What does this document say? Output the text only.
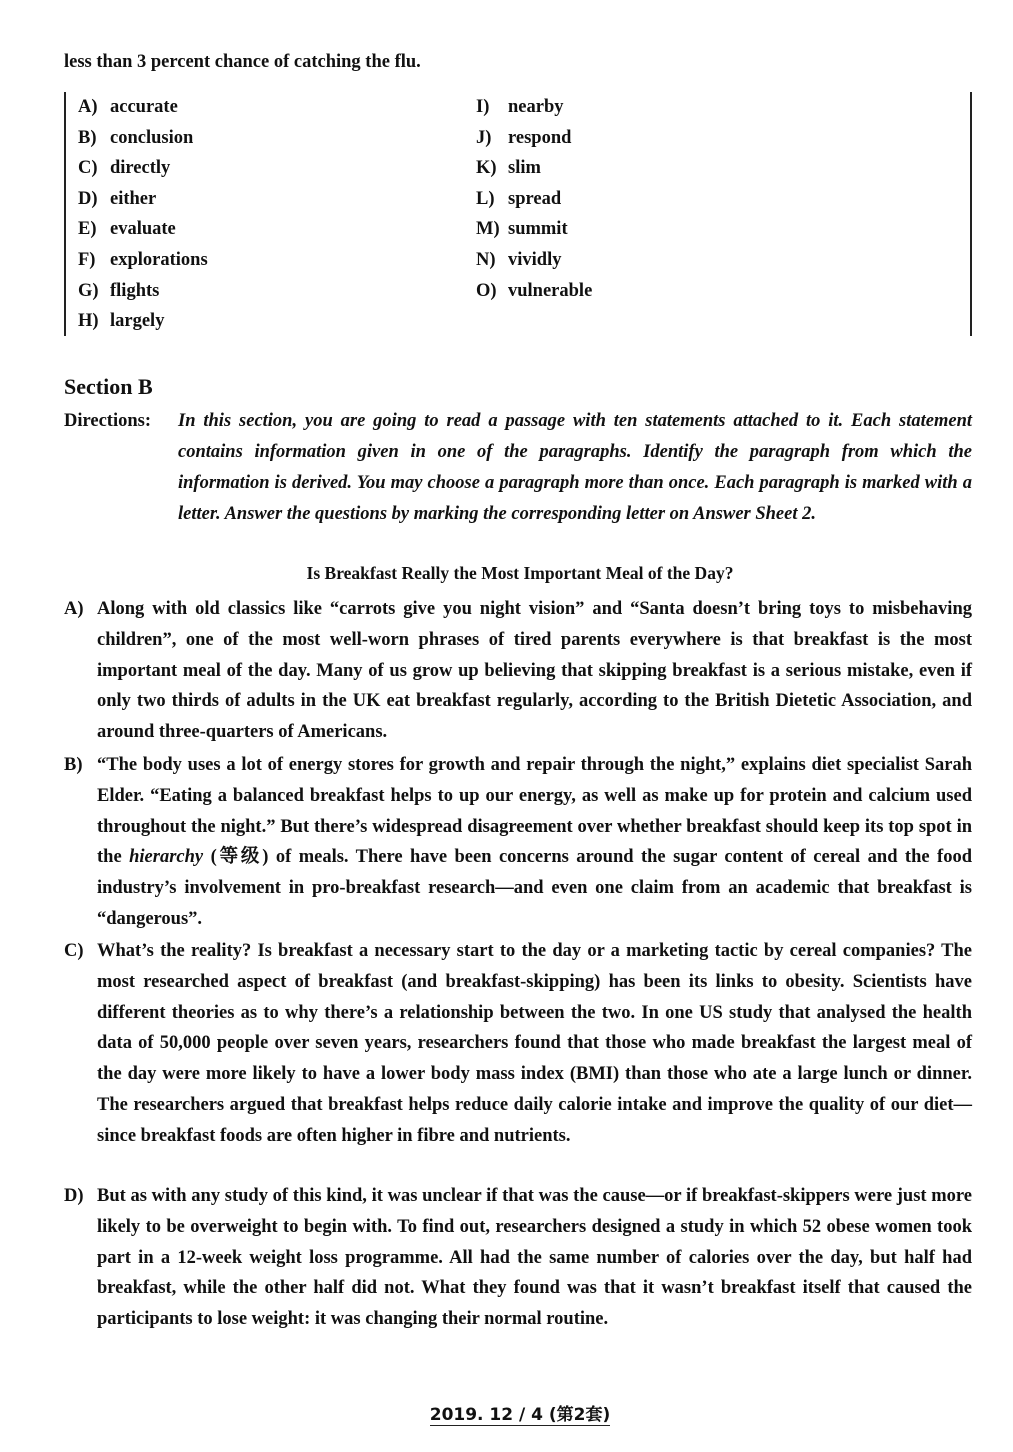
less than 3 percent chance of catching the flu.
A) accurate
B) conclusion
C) directly
D) either
E) evaluate
F) explorations
G) flights
H) largely
I) nearby
J) respond
K) slim
L) spread
M) summit
N) vividly
O) vulnerable
Section B
Directions: In this section, you are going to read a passage with ten statements attached to it. Each statement contains information given in one of the paragraphs. Identify the paragraph from which the information is derived. You may choose a paragraph more than once. Each paragraph is marked with a letter. Answer the questions by marking the corresponding letter on Answer Sheet 2.
Is Breakfast Really the Most Important Meal of the Day?
A) Along with old classics like “carrots give you night vision” and “Santa doesn’t bring toys to misbehaving children”, one of the most well-worn phrases of tired parents everywhere is that breakfast is the most important meal of the day. Many of us grow up believing that skipping breakfast is a serious mistake, even if only two thirds of adults in the UK eat breakfast regularly, according to the British Dietetic Association, and around three-quarters of Americans.
B) “The body uses a lot of energy stores for growth and repair through the night,” explains diet specialist Sarah Elder. “Eating a balanced breakfast helps to up our energy, as well as make up for protein and calcium used throughout the night.” But there’s widespread disagreement over whether breakfast should keep its top spot in the hierarchy (等级) of meals. There have been concerns around the sugar content of cereal and the food industry’s involvement in pro-breakfast research—and even one claim from an academic that breakfast is “dangerous”.
C) What’s the reality? Is breakfast a necessary start to the day or a marketing tactic by cereal companies? The most researched aspect of breakfast (and breakfast-skipping) has been its links to obesity. Scientists have different theories as to why there’s a relationship between the two. In one US study that analysed the health data of 50,000 people over seven years, researchers found that those who made breakfast the largest meal of the day were more likely to have a lower body mass index (BMI) than those who ate a large lunch or dinner. The researchers argued that breakfast helps reduce daily calorie intake and improve the quality of our diet—since breakfast foods are often higher in fibre and nutrients.
D) But as with any study of this kind, it was unclear if that was the cause—or if breakfast-skippers were just more likely to be overweight to begin with. To find out, researchers designed a study in which 52 obese women took part in a 12-week weight loss programme. All had the same number of calories over the day, but half had breakfast, while the other half did not. What they found was that it wasn’t breakfast itself that caused the participants to lose weight: it was changing their normal routine.
2019. 12 / 4 (第2套)
